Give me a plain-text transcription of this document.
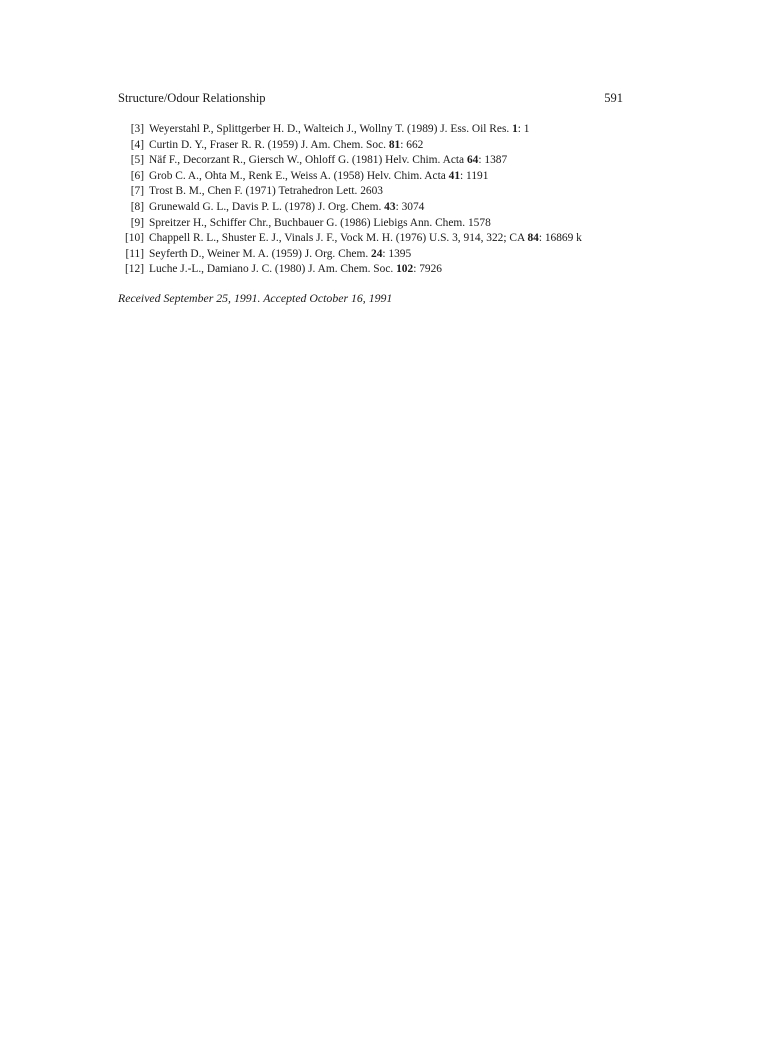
Structure/Odour Relationship	591
[3] Weyerstahl P., Splittgerber H. D., Walteich J., Wollny T. (1989) J. Ess. Oil Res. 1: 1
[4] Curtin D. Y., Fraser R. R. (1959) J. Am. Chem. Soc. 81: 662
[5] Näf F., Decorzant R., Giersch W., Ohloff G. (1981) Helv. Chim. Acta 64: 1387
[6] Grob C. A., Ohta M., Renk E., Weiss A. (1958) Helv. Chim. Acta 41: 1191
[7] Trost B. M., Chen F. (1971) Tetrahedron Lett. 2603
[8] Grunewald G. L., Davis P. L. (1978) J. Org. Chem. 43: 3074
[9] Spreitzer H., Schiffer Chr., Buchbauer G. (1986) Liebigs Ann. Chem. 1578
[10] Chappell R. L., Shuster E. J., Vinals J. F., Vock M. H. (1976) U.S. 3, 914, 322; CA 84: 16869 k
[11] Seyferth D., Weiner M. A. (1959) J. Org. Chem. 24: 1395
[12] Luche J.-L., Damiano J. C. (1980) J. Am. Chem. Soc. 102: 7926
Received September 25, 1991. Accepted October 16, 1991
